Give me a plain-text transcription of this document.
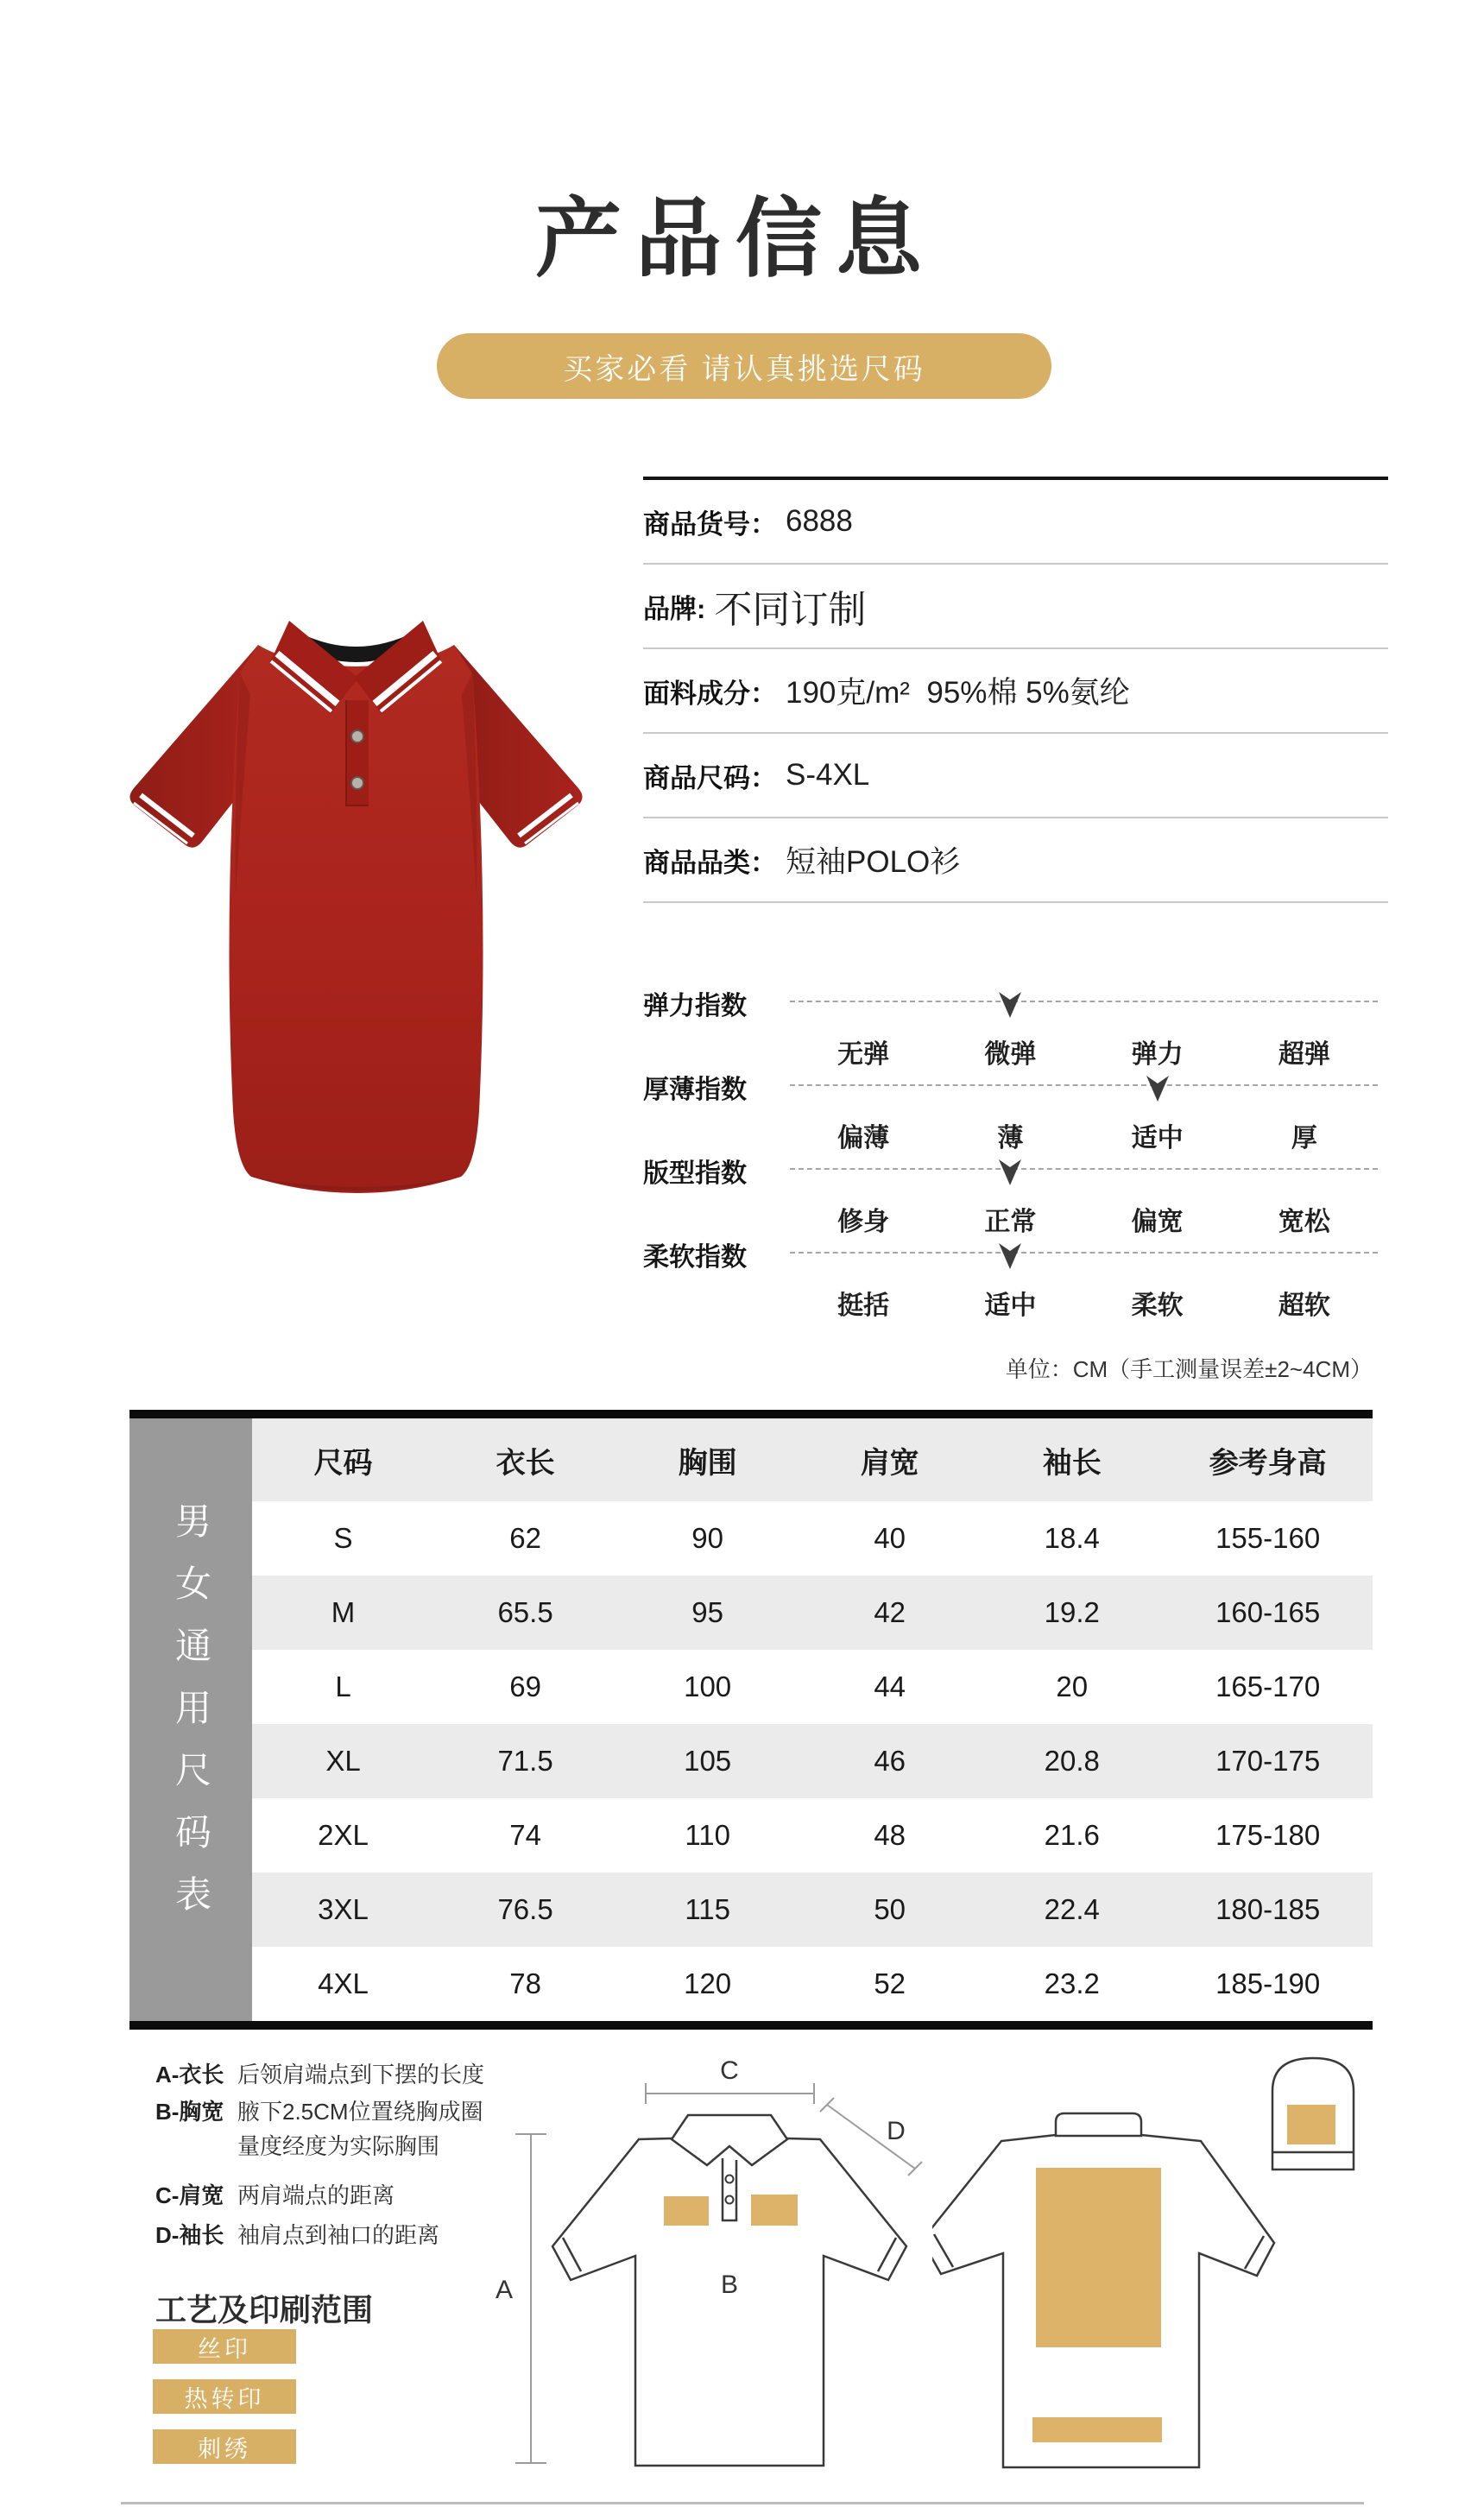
产品信息
买家必看 请认真挑选尺码
商品货号： 6888
品牌: 不同订制
面料成分： 190克/m²  95%棉 5%氨纶
商品尺码： S-4XL
商品品类： 短袖POLO衫
弹力指数
无弹	微弹	弹力	超弹
厚薄指数
偏薄	薄	适中	厚
版型指数
修身	正常	偏宽	宽松
柔软指数
挺括	适中	柔软	超软
单位：CM（手工测量误差±2~4CM）
男女通用尺码表
尺码	衣长	胸围	肩宽	袖长	参考身高
S	62	90	40	18.4	155-160
M	65.5	95	42	19.2	160-165
L	69	100	44	20	165-170
XL	71.5	105	46	20.8	170-175
2XL	74	110	48	21.6	175-180
3XL	76.5	115	50	22.4	180-185
4XL	78	120	52	23.2	185-190
A-衣长 后领肩端点到下摆的长度

B-胸宽 腋下2.5CM位置绕胸成圈
量度经度为实际胸围
C-肩宽 两肩端点的距离

D-袖长 袖肩点到袖口的距离

工艺及印刷范围
丝印
热转印
刺绣
C
D
A	B
